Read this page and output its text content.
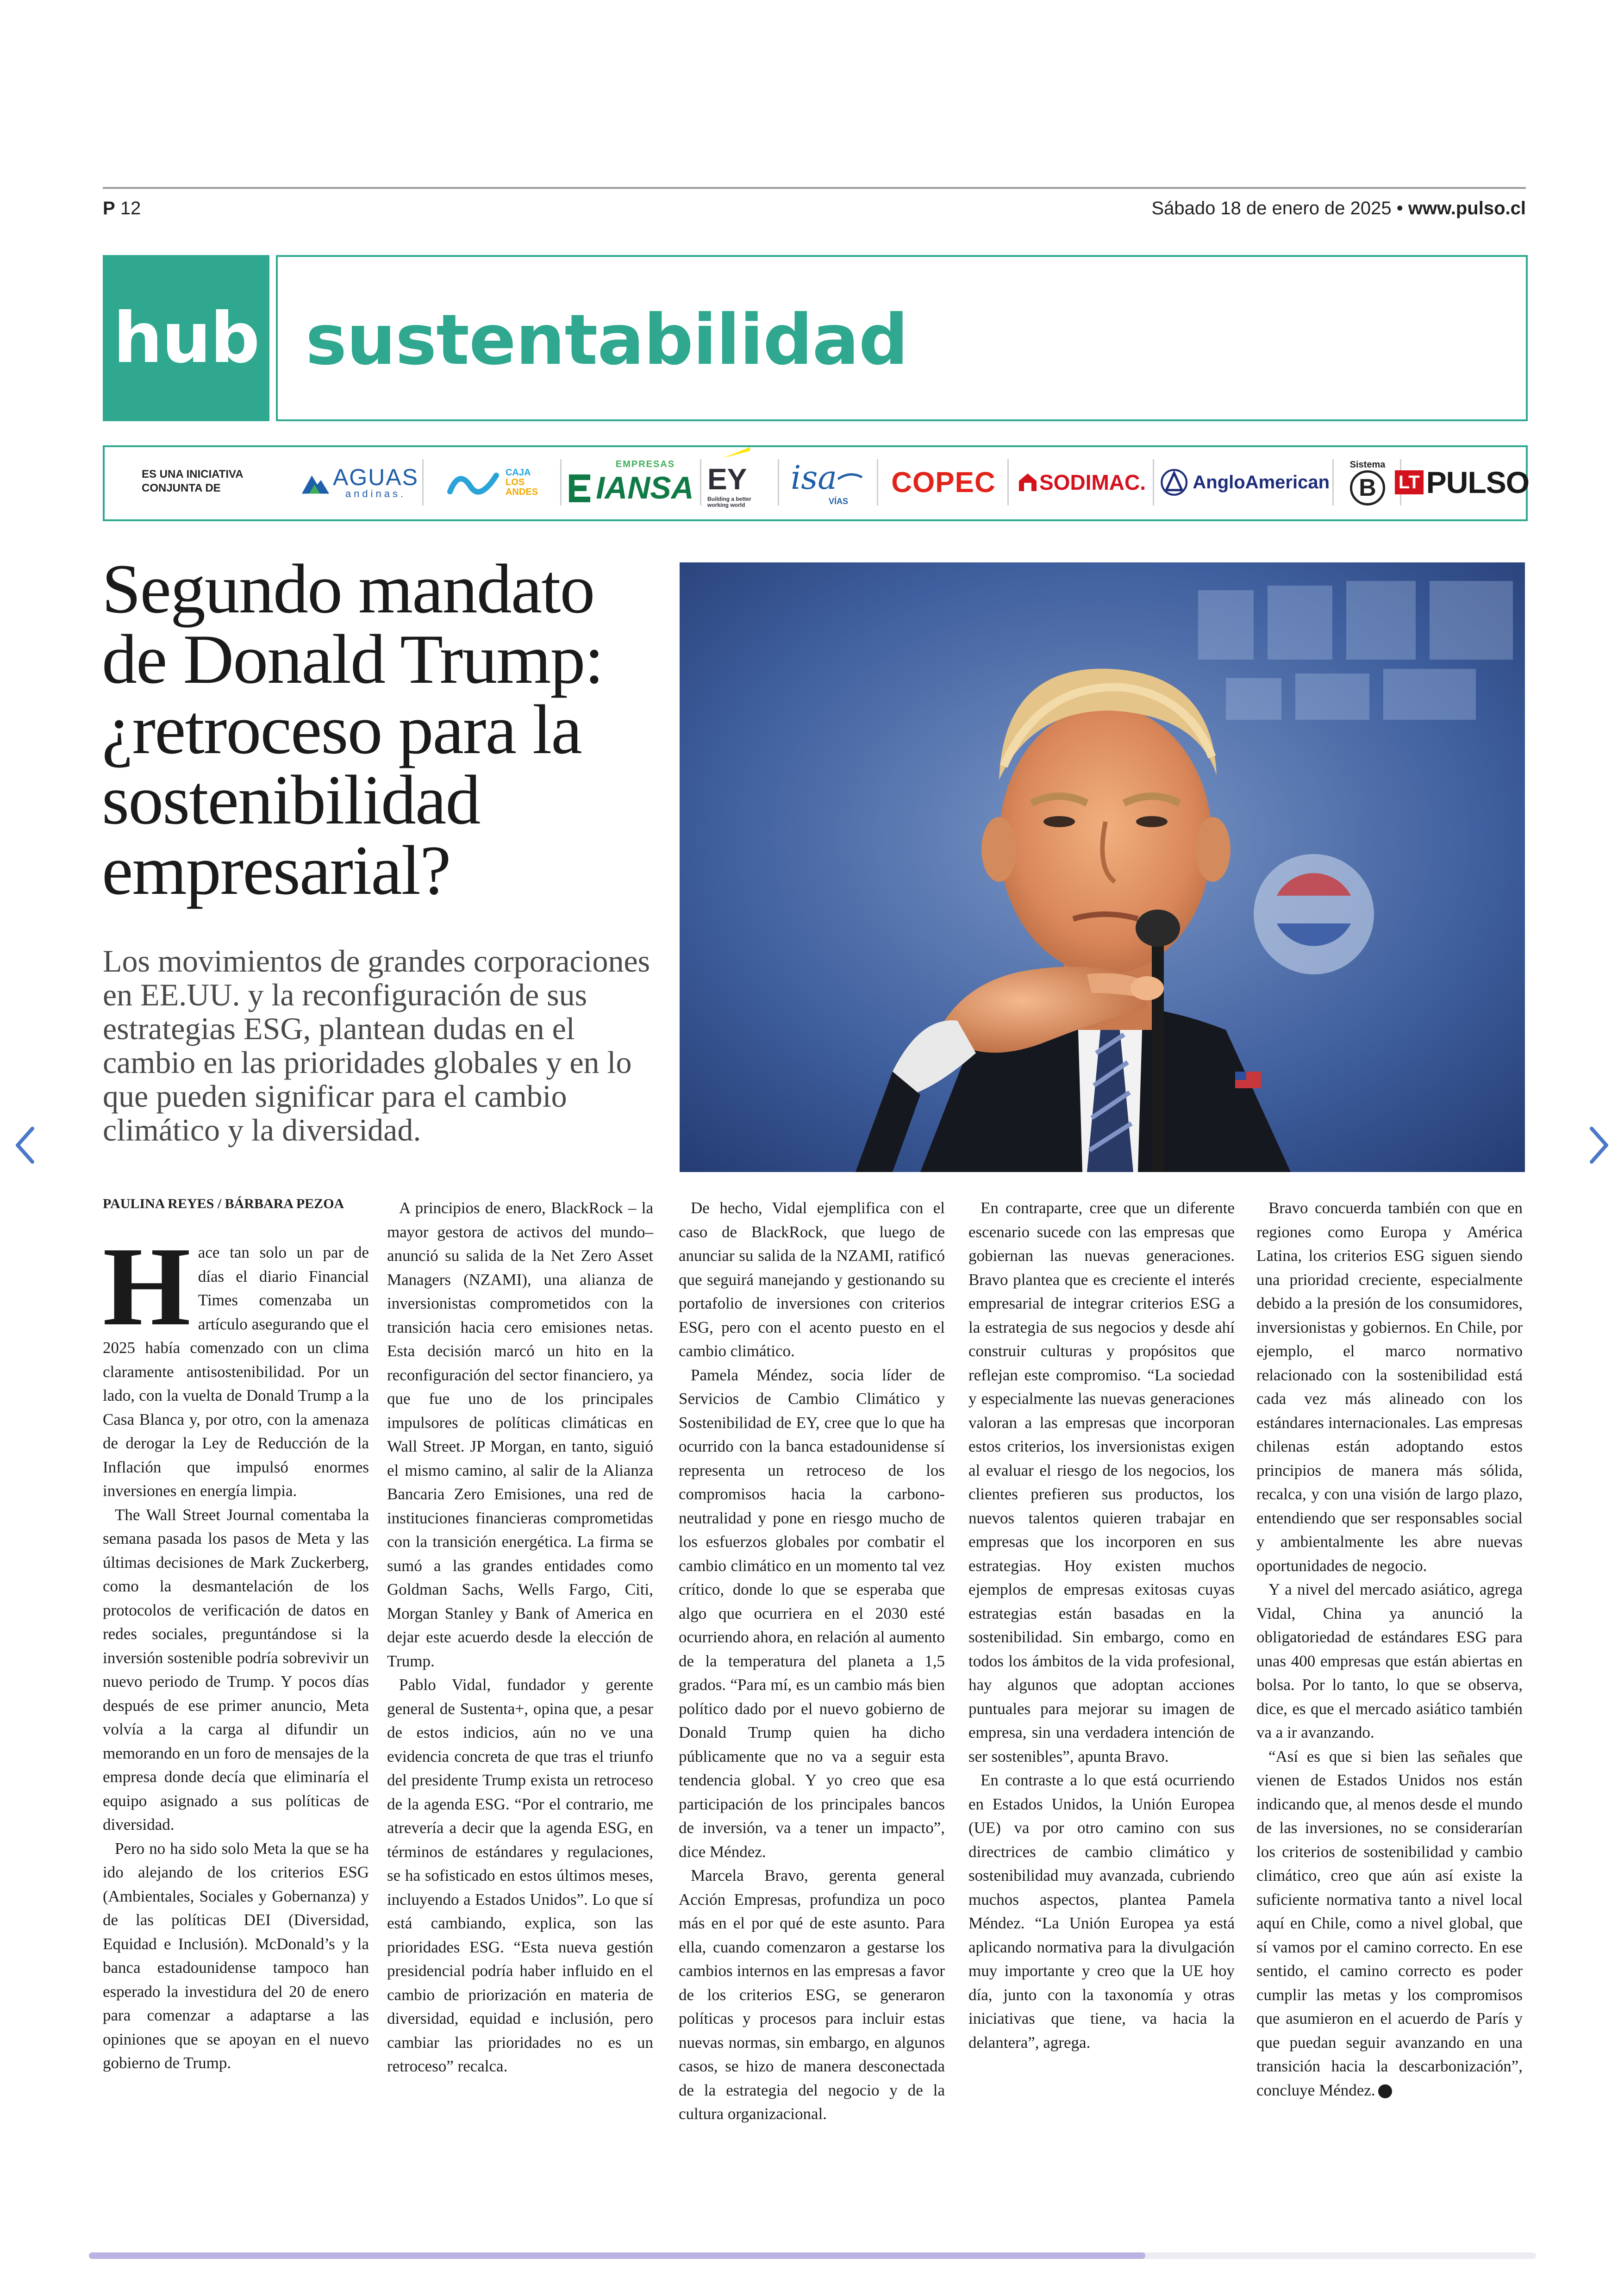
P 12	Sábado 18 de enero de 2025 • www.pulso.cl
hub sustentabilidad
ES UNA INICIATIVA
CONJUNTA DE	AGUAS
andinas.
CAJA
LOS
ANDES
EMPRESAS
IANSA EY
Building a better working world
isa
VÍAS
COPEC SODIMAC.	AngloAmerican
Sistema
B	LT PULSO
Segundo mandato de Donald Trump: ¿retroceso para la sostenibilidad empresarial?

Los movimientos de grandes corporaciones en EE.UU. y la reconfiguración de sus estrategias ESG, plantean dudas en el cambio en las prioridades globales y en lo que pueden significar para el cambio climático y la diversidad.

PAULINA REYES / BÁRBARA PEZOA

Hace tan solo un par de días el diario Financial Times comenzaba un artículo asegurando que el 2025 había comenzado con un clima claramente antisostenibilidad. Por un lado, con la vuelta de Donald Trump a la Casa Blanca y, por otro, con la amenaza de derogar la Ley de Reducción de la Inflación que impulsó enormes inversiones en energía limpia.

The Wall Street Journal comentaba la semana pasada los pasos de Meta y las últimas decisiones de Mark Zuckerberg, como la desmantelación de los protocolos de verificación de datos en redes sociales, preguntándose si la inversión sostenible podría sobrevivir un nuevo periodo de Trump. Y pocos días después de ese primer anuncio, Meta volvía a la carga al difundir un memorando en un foro de mensajes de la empresa donde decía que eliminaría el equipo asignado a sus políticas de diversidad.

Pero no ha sido solo Meta la que se ha ido alejando de los criterios ESG (Ambientales, Sociales y Gobernanza) y de las políticas DEI (Diversidad, Equidad e Inclusión). McDonald’s y la banca estadounidense tampoco han esperado la investidura del 20 de enero para comenzar a adaptarse a las opiniones que se apoyan en el nuevo gobierno de Trump.

A principios de enero, BlackRock – la mayor gestora de activos del mundo– anunció su salida de la Net Zero Asset Managers (NZAMI), una alianza de inversionistas comprometidos con la transición hacia cero emisiones netas. Esta decisión marcó un hito en la reconfiguración del sector financiero, ya que fue uno de los principales impulsores de políticas climáticas en Wall Street. JP Morgan, en tanto, siguió el mismo camino, al salir de la Alianza Bancaria Zero Emisiones, una red de instituciones financieras comprometidas con la transición energética. La firma se sumó a las grandes entidades como Goldman Sachs, Wells Fargo, Citi, Morgan Stanley y Bank of America en dejar este acuerdo desde la elección de Trump.

Pablo Vidal, fundador y gerente general de Sustenta+, opina que, a pesar de estos indicios, aún no ve una evidencia concreta de que tras el triunfo del presidente Trump exista un retroceso de la agenda ESG. “Por el contrario, me atrevería a decir que la agenda ESG, en términos de estándares y regulaciones, se ha sofisticado en estos últimos meses, incluyendo a Estados Unidos”. Lo que sí está cambiando, explica, son las prioridades ESG. “Esta nueva gestión presidencial podría haber influido en el cambio de priorización en materia de diversidad, equidad e inclusión, pero cambiar las prioridades no es un retroceso” recalca.

De hecho, Vidal ejemplifica con el caso de BlackRock, que luego de anunciar su salida de la NZAMI, ratificó que seguirá manejando y gestionando su portafolio de inversiones con criterios ESG, pero con el acento puesto en el cambio climático.

Pamela Méndez, socia líder de Servicios de Cambio Climático y Sostenibilidad de EY, cree que lo que ha ocurrido con la banca estadounidense sí representa un retroceso de los compromisos hacia la carbono-neutralidad y pone en riesgo mucho de los esfuerzos globales por combatir el cambio climático en un momento tal vez crítico, donde lo que se esperaba que algo que ocurriera en el 2030 esté ocurriendo ahora, en relación al aumento de la temperatura del planeta a 1,5 grados. “Para mí, es un cambio más bien político dado por el nuevo gobierno de Donald Trump quien ha dicho públicamente que no va a seguir esta tendencia global. Y yo creo que esa participación de los principales bancos de inversión, va a tener un impacto”, dice Méndez.

Marcela Bravo, gerenta general Acción Empresas, profundiza un poco más en el por qué de este asunto. Para ella, cuando comenzaron a gestarse los cambios internos en las empresas a favor de los criterios ESG, se generaron políticas y procesos para incluir estas nuevas normas, sin embargo, en algunos casos, se hizo de manera desconectada de la estrategia del negocio y de la cultura organizacional.

En contraparte, cree que un diferente escenario sucede con las empresas que gobiernan las nuevas generaciones. Bravo plantea que es creciente el interés empresarial de integrar criterios ESG a la estrategia de sus negocios y desde ahí construir culturas y propósitos que reflejan este compromiso. “La sociedad y especialmente las nuevas generaciones valoran a las empresas que incorporan estos criterios, los inversionistas exigen al evaluar el riesgo de los negocios, los clientes prefieren sus productos, los nuevos talentos quieren trabajar en empresas que los incorporen en sus estrategias. Hoy existen muchos ejemplos de empresas exitosas cuyas estrategias están basadas en la sostenibilidad. Sin embargo, como en todos los ámbitos de la vida profesional, hay algunos que adoptan acciones puntuales para mejorar su imagen de empresa, sin una verdadera intención de ser sostenibles”, apunta Bravo.

En contraste a lo que está ocurriendo en Estados Unidos, la Unión Europea (UE) va por otro camino con sus directrices de cambio climático y sostenibilidad muy avanzada, cubriendo muchos aspectos, plantea Pamela Méndez. “La Unión Europea ya está aplicando normativa para la divulgación muy importante y creo que la UE hoy día, junto con la taxonomía y otras iniciativas que tiene, va hacia la delantera”, agrega.

Bravo concuerda también con que en regiones como Europa y América Latina, los criterios ESG siguen siendo una prioridad creciente, especialmente debido a la presión de los consumidores, inversionistas y gobiernos. En Chile, por ejemplo, el marco normativo relacionado con la sostenibilidad está cada vez más alineado con los estándares internacionales. Las empresas chilenas están adoptando estos principios de manera más sólida, recalca, y con una visión de largo plazo, entendiendo que ser responsables social y ambientalmente les abre nuevas oportunidades de negocio.

Y a nivel del mercado asiático, agrega Vidal, China ya anunció la obligatoriedad de estándares ESG para unas 400 empresas que están abiertas en bolsa. Por lo tanto, lo que se observa, dice, es que el mercado asiático también va a ir avanzando.

“Así es que si bien las señales que vienen de Estados Unidos nos están indicando que, al menos desde el mundo de las inversiones, no se considerarían los criterios de sostenibilidad y cambio climático, creo que aún así existe la suficiente normativa tanto a nivel local aquí en Chile, como a nivel global, que sí vamos por el camino correcto. En ese sentido, el camino correcto es poder cumplir las metas y los compromisos que asumieron en el acuerdo de París y que puedan seguir avanzando en una transición hacia la descarbonización”, concluye Méndez.
